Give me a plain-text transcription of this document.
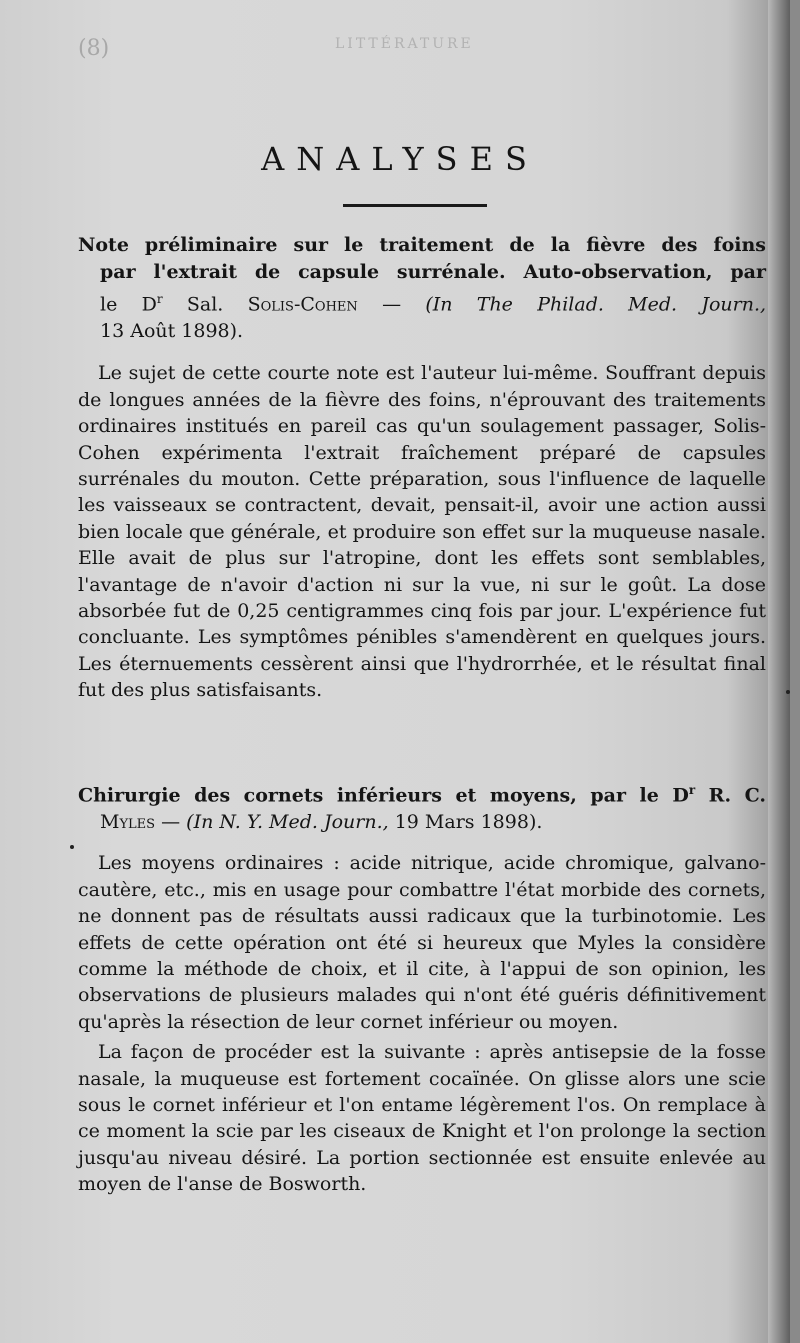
(8)	LITTÉRATURE
ANALYSES
Note préliminaire sur le traitement de la fièvre des foins
par l'extrait de capsule surrénale. Auto-observation, par
le $D^r$ Sal. Solis-Cohen — (In The Philad. Med. Journ.,
13 Août 1898).
Le sujet de cette courte note est l'auteur lui-même. Souffrant depuis de longues années de la fièvre des foins, n'éprouvant des traitements ordinaires institués en pareil cas qu'un soulagement passager, Solis-Cohen expérimenta l'extrait fraîchement préparé de capsules surrénales du mouton. Cette préparation, sous l'influence de laquelle les vaisseaux se contractent, devait, pensait-il, avoir une action aussi bien locale que générale, et produire son effet sur la muqueuse nasale. Elle avait de plus sur l'atropine, dont les effets sont semblables, l'avantage de n'avoir d'action ni sur la vue, ni sur le goût. La dose absorbée fut de 0,25 centigrammes cinq fois par jour. L'expérience fut concluante. Les symptômes pénibles s'amendèrent en quelques jours. Les éternuements cessèrent ainsi que l'hydrorrhée, et le résultat final fut des plus satisfaisants.
Chirurgie des cornets inférieurs et moyens, par le $D^r$ R. C.
Myles — (In N. Y. Med. Journ., 19 Mars 1898).
Les moyens ordinaires : acide nitrique, acide chromique, galvano-cautère, etc., mis en usage pour combattre l'état morbide des cornets, ne donnent pas de résultats aussi radicaux que la turbinotomie. Les effets de cette opération ont été si heureux que Myles la considère comme la méthode de choix, et il cite, à l'appui de son opinion, les observations de plusieurs malades qui n'ont été guéris définitivement qu'après la résection de leur cornet inférieur ou moyen.
La façon de procéder est la suivante : après antisepsie de la fosse nasale, la muqueuse est fortement cocaïnée. On glisse alors une scie sous le cornet inférieur et l'on entame légèrement l'os. On remplace à ce moment la scie par les ciseaux de Knight et l'on prolonge la section jusqu'au niveau désiré. La portion sectionnée est ensuite enlevée au moyen de l'anse de Bosworth.
